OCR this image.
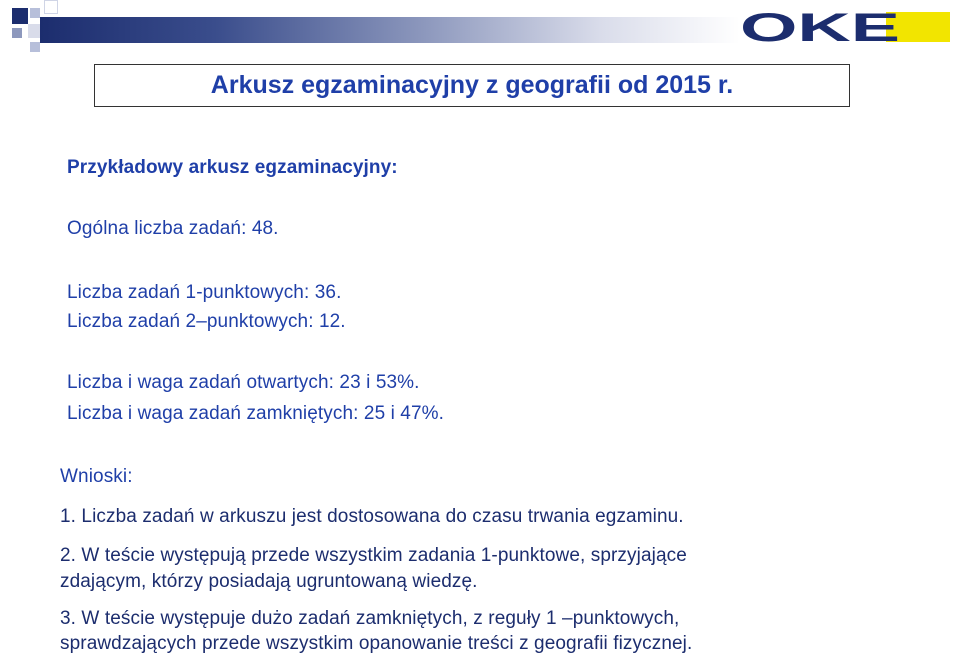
OKE
Arkusz egzaminacyjny z geografii od 2015 r.

Przykładowy arkusz egzaminacyjny:

Ogólna liczba zadań: 48.

Liczba zadań 1-punktowych: 36.

Liczba zadań 2–punktowych: 12.

Liczba i waga zadań otwartych: 23 i 53%.

Liczba i waga zadań zamkniętych: 25 i 47%.

Wnioski:

1. Liczba zadań w arkuszu jest dostosowana do czasu trwania egzaminu.

2. W teście występują przede wszystkim zadania 1-punktowe, sprzyjające

zdającym, którzy posiadają ugruntowaną wiedzę.

3. W teście występuje dużo zadań zamkniętych, z reguły 1 –punktowych,

sprawdzających przede wszystkim opanowanie treści z geografii fizycznej.
